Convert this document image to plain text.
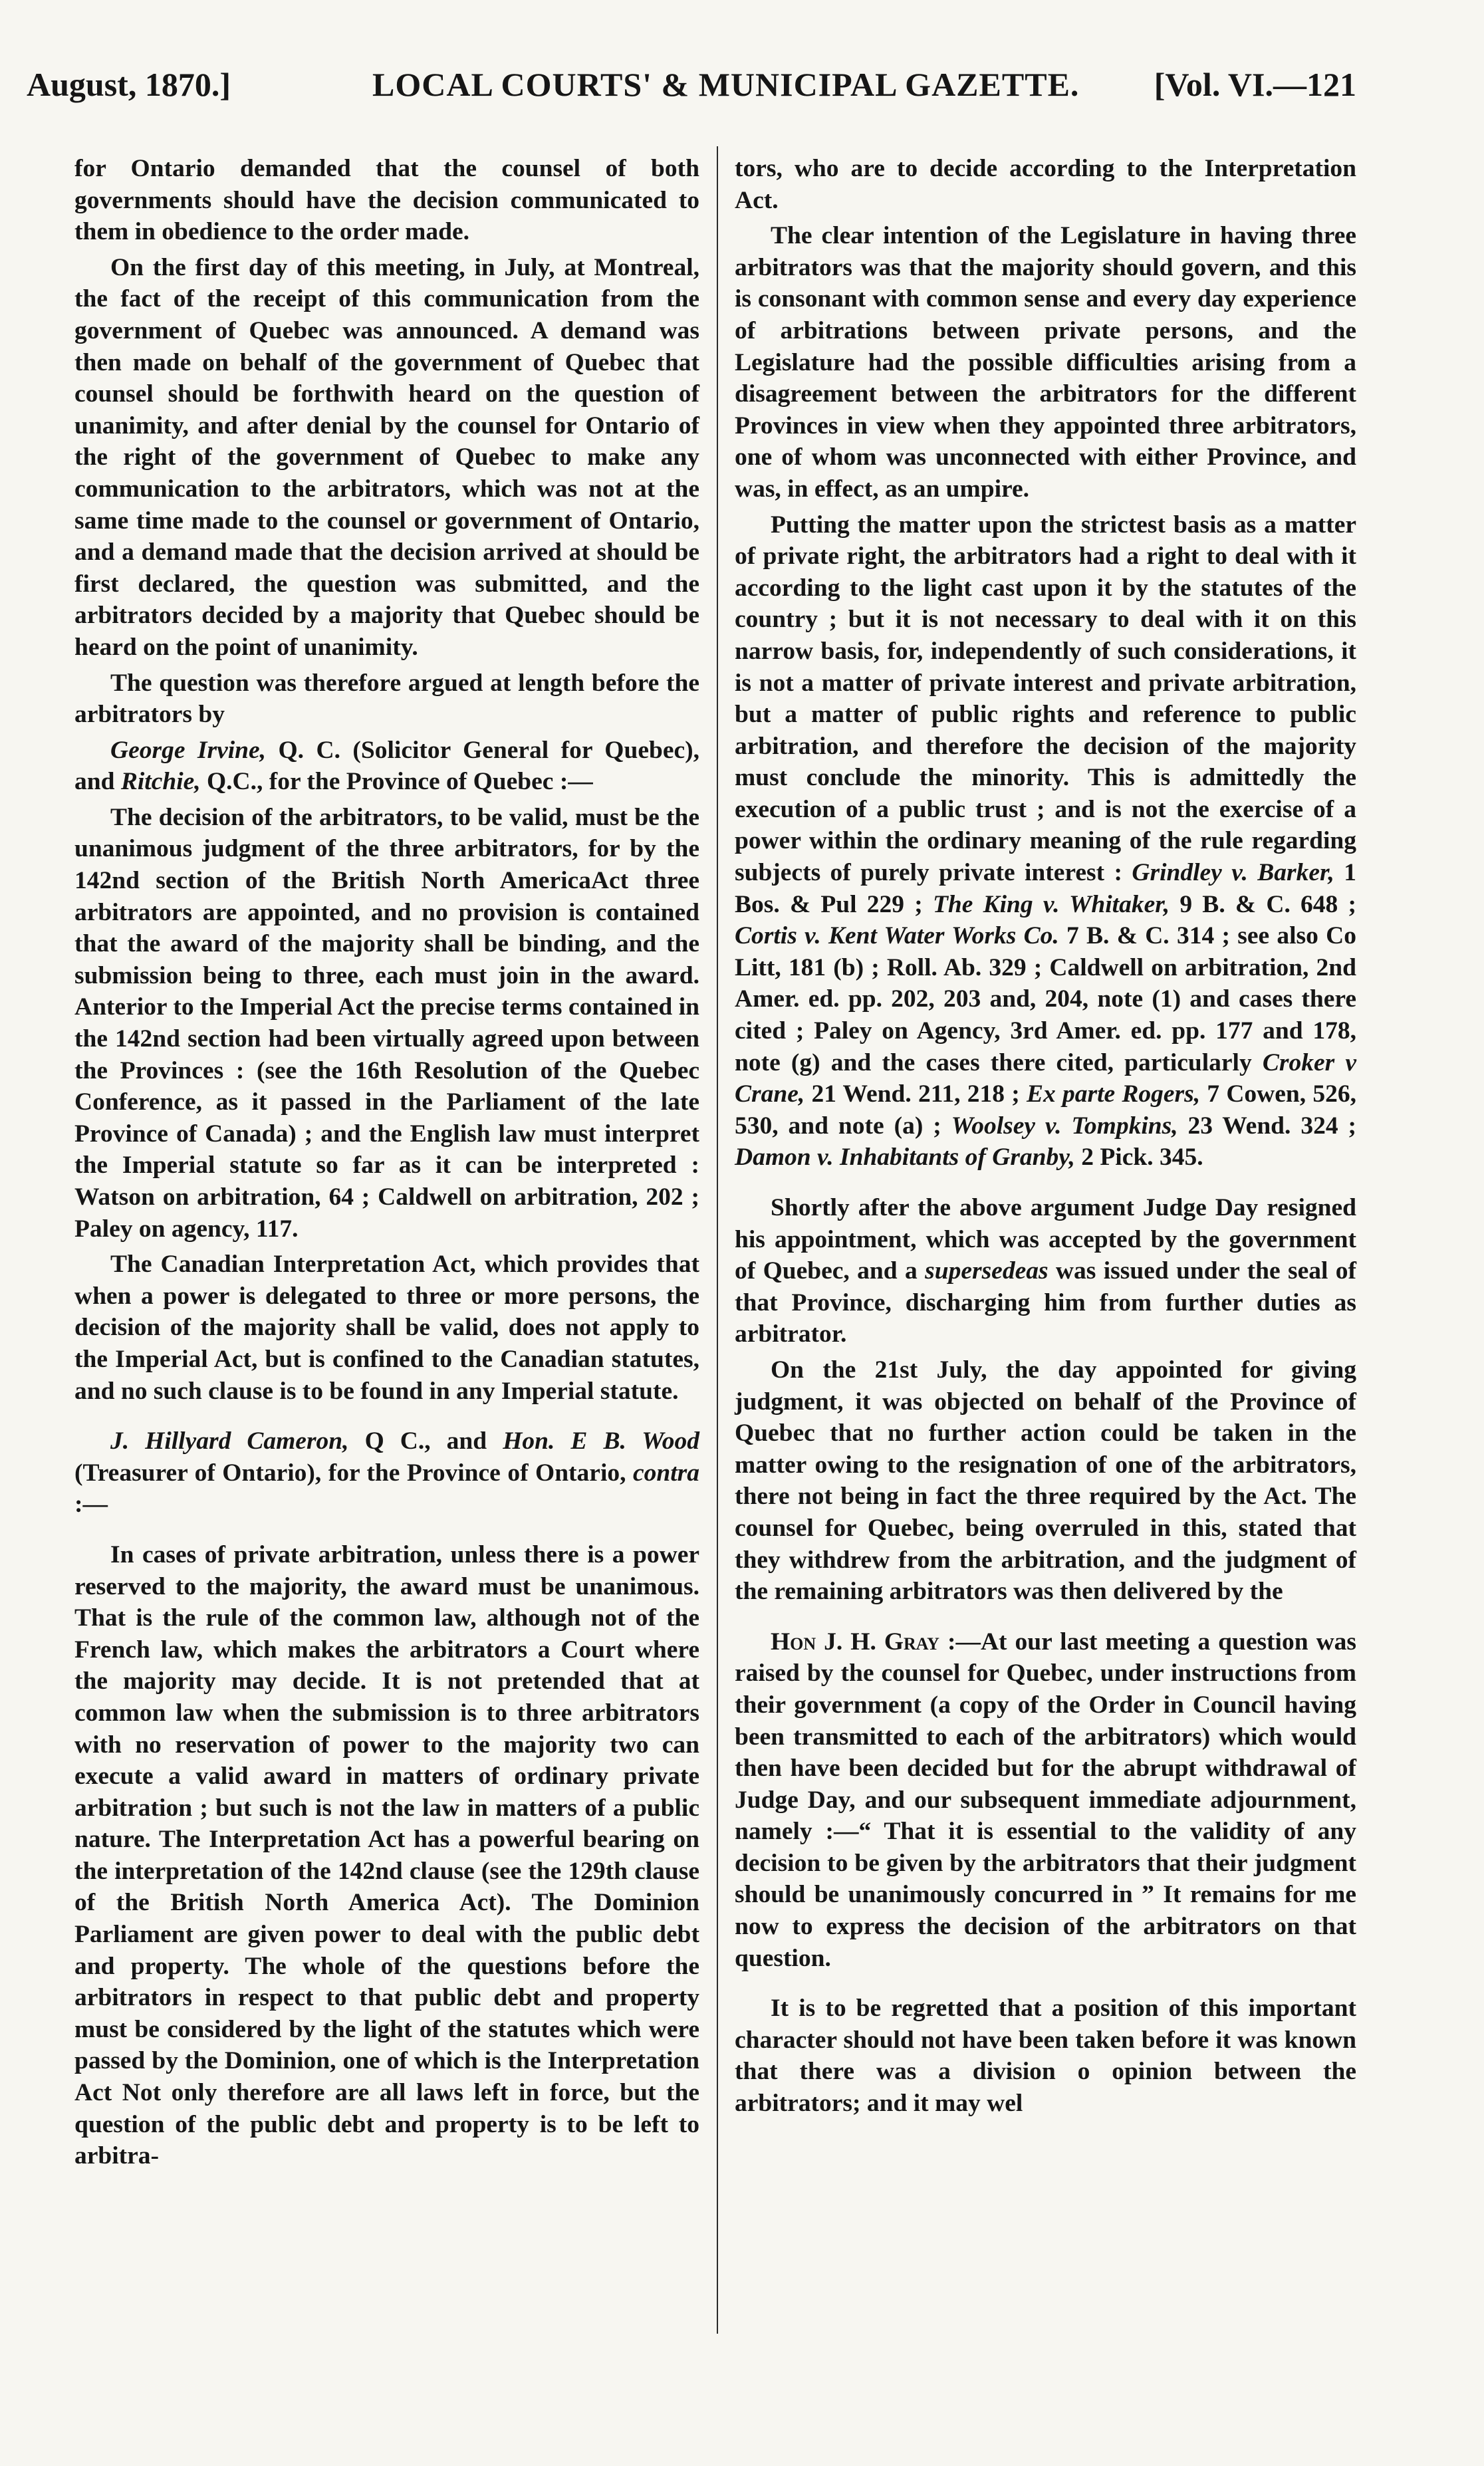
August, 1870.]	LOCAL COURTS' & MUNICIPAL GAZETTE. [Vol. VI.—121

for Ontario demanded that the counsel of both governments should have the decision communicated to them in obedience to the order made.

On the first day of this meeting, in July, at Montreal, the fact of the receipt of this communication from the government of Quebec was announced. A demand was then made on behalf of the government of Quebec that counsel should be forthwith heard on the question of unanimity, and after denial by the counsel for Ontario of the right of the government of Quebec to make any communication to the arbitrators, which was not at the same time made to the counsel or government of Ontario, and a demand made that the decision arrived at should be first declared, the question was submitted, and the arbitrators decided by a majority that Quebec should be heard on the point of unanimity.

The question was therefore argued at length before the arbitrators by

George Irvine, Q. C. (Solicitor General for Quebec), and Ritchie, Q.C., for the Province of Quebec :—

The decision of the arbitrators, to be valid, must be the unanimous judgment of the three arbitrators, for by the 142nd section of the British North AmericaAct three arbitrators are appointed, and no provision is contained that the award of the majority shall be binding, and the submission being to three, each must join in the award. Anterior to the Imperial Act the precise terms contained in the 142nd section had been virtually agreed upon between the Provinces : (see the 16th Resolution of the Quebec Conference, as it passed in the Parliament of the late Province of Canada) ; and the English law must interpret the Imperial statute so far as it can be interpreted : Watson on arbitration, 64 ; Caldwell on arbitration, 202 ; Paley on agency, 117.

The Canadian Interpretation Act, which provides that when a power is delegated to three or more persons, the decision of the majority shall be valid, does not apply to the Imperial Act, but is confined to the Canadian statutes, and no such clause is to be found in any Imperial statute.

J. Hillyard Cameron, Q C., and Hon. E B. Wood (Treasurer of Ontario), for the Province of Ontario, contra :—

In cases of private arbitration, unless there is a power reserved to the majority, the award must be unanimous. That is the rule of the common law, although not of the French law, which makes the arbitrators a Court where the majority may decide. It is not pretended that at common law when the submission is to three arbitrators with no reservation of power to the majority two can execute a valid award in matters of ordinary private arbitration ; but such is not the law in matters of a public nature. The Interpretation Act has a powerful bearing on the interpretation of the 142nd clause (see the 129th clause of the British North America Act). The Dominion Parliament are given power to deal with the public debt and property. The whole of the questions before the arbitrators in respect to that public debt and property must be considered by the light of the statutes which were passed by the Dominion, one of which is the Interpretation Act Not only therefore are all laws left in force, but the question of the public debt and property is to be left to arbitra-

tors, who are to decide according to the Interpretation Act.

The clear intention of the Legislature in having three arbitrators was that the majority should govern, and this is consonant with common sense and every day experience of arbitrations between private persons, and the Legislature had the possible difficulties arising from a disagreement between the arbitrators for the different Provinces in view when they appointed three arbitrators, one of whom was unconnected with either Province, and was, in effect, as an umpire.

Putting the matter upon the strictest basis as a matter of private right, the arbitrators had a right to deal with it according to the light cast upon it by the statutes of the country ; but it is not necessary to deal with it on this narrow basis, for, independently of such considerations, it is not a matter of private interest and private arbitration, but a matter of public rights and reference to public arbitration, and therefore the decision of the majority must conclude the minority. This is admittedly the execution of a public trust ; and is not the exercise of a power within the ordinary meaning of the rule regarding subjects of purely private interest : Grindley v. Barker, 1 Bos. & Pul 229 ; The King v. Whitaker, 9 B. & C. 648 ; Cortis v. Kent Water Works Co. 7 B. & C. 314 ; see also Co Litt, 181 (b) ; Roll. Ab. 329 ; Caldwell on arbitration, 2nd Amer. ed. pp. 202, 203 and, 204, note (1) and cases there cited ; Paley on Agency, 3rd Amer. ed. pp. 177 and 178, note (g) and the cases there cited, particularly Croker v Crane, 21 Wend. 211, 218 ; Ex parte Rogers, 7 Cowen, 526, 530, and note (a) ; Woolsey v. Tompkins, 23 Wend. 324 ; Damon v. Inhabitants of Granby, 2 Pick. 345.

Shortly after the above argument Judge Day resigned his appointment, which was accepted by the government of Quebec, and a supersedeas was issued under the seal of that Province, discharging him from further duties as arbitrator.

On the 21st July, the day appointed for giving judgment, it was objected on behalf of the Province of Quebec that no further action could be taken in the matter owing to the resignation of one of the arbitrators, there not being in fact the three required by the Act. The counsel for Quebec, being overruled in this, stated that they withdrew from the arbitration, and the judgment of the remaining arbitrators was then delivered by the

Hon J. H. Gray :—At our last meeting a question was raised by the counsel for Quebec, under instructions from their government (a copy of the Order in Council having been transmitted to each of the arbitrators) which would then have been decided but for the abrupt withdrawal of Judge Day, and our subsequent immediate adjournment, namely :—“ That it is essential to the validity of any decision to be given by the arbitrators that their judgment should be unanimously concurred in ” It remains for me now to express the decision of the arbitrators on that question.

It is to be regretted that a position of this important character should not have been taken before it was known that there was a division o opinion between the arbitrators; and it may wel
